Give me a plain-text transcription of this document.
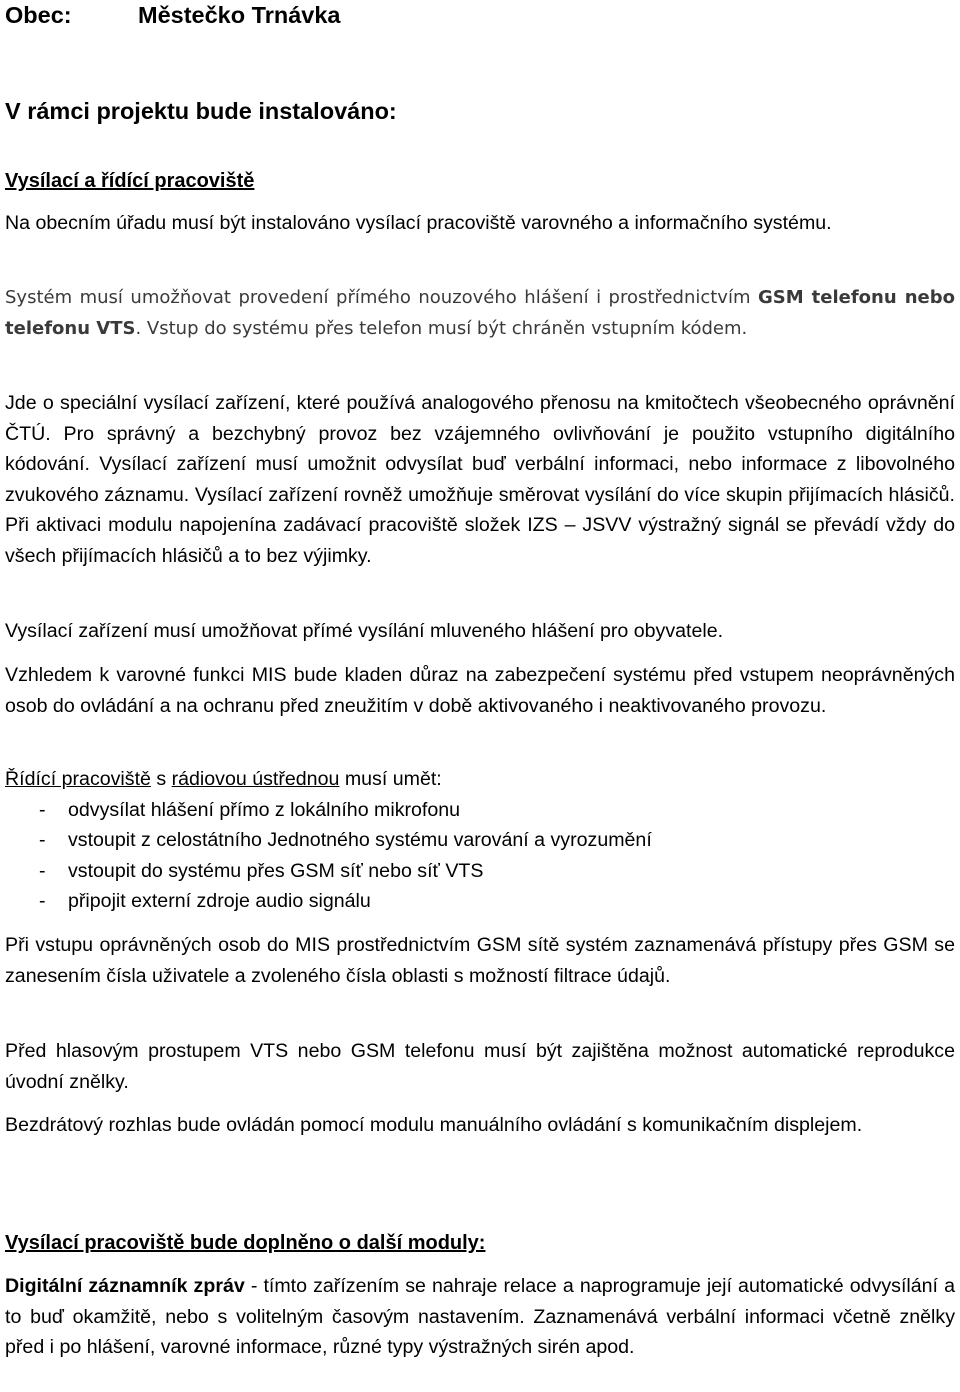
Obec:	Městečko Trnávka
V rámci projektu bude instalováno:
Vysílací a řídící pracoviště
Na obecním úřadu musí být instalováno vysílací pracoviště varovného a informačního systému.
Systém musí umožňovat provedení přímého nouzového hlášení i prostřednictvím GSM telefonu nebo telefonu VTS. Vstup do systému přes telefon musí být chráněn vstupním kódem.
Jde o speciální vysílací zařízení, které používá analogového přenosu na kmitočtech všeobecného oprávnění ČTÚ. Pro správný a bezchybný provoz bez vzájemného ovlivňování je použito vstupního digitálního kódování. Vysílací zařízení musí umožnit odvysílat buď verbální informaci, nebo informace z libovolného zvukového záznamu. Vysílací zařízení rovněž umožňuje směrovat vysílání do více skupin přijímacích hlásičů. Při aktivaci modulu napojenína zadávací pracoviště složek IZS – JSVV výstražný signál se převádí vždy do všech přijímacích hlásičů a to bez výjimky.
Vysílací zařízení musí umožňovat přímé vysílání mluveného hlášení pro obyvatele.
Vzhledem k varovné funkci MIS bude kladen důraz na zabezpečení systému před vstupem neoprávněných osob do ovládání a na ochranu před zneužitím v době aktivovaného i neaktivovaného provozu.
Řídící pracoviště s rádiovou ústřednou musí umět:
- odvysílat hlášení přímo z lokálního mikrofonu
- vstoupit z celostátního Jednotného systému varování a vyrozumění
- vstoupit do systému přes GSM síť nebo síť VTS
- připojit externí zdroje audio signálu
Při vstupu oprávněných osob do MIS prostřednictvím GSM sítě systém zaznamenává přístupy přes GSM se zanesením čísla uživatele a zvoleného čísla oblasti s možností filtrace údajů.
Před hlasovým prostupem VTS nebo GSM telefonu musí být zajištěna možnost automatické reprodukce úvodní znělky.
Bezdrátový rozhlas bude ovládán pomocí modulu manuálního ovládání s komunikačním displejem.
Vysílací pracoviště bude doplněno o další moduly:
Digitální záznamník zpráv - tímto zařízením se nahraje relace a naprogramuje její automatické odvysílání a to buď okamžitě, nebo s volitelným časovým nastavením. Zaznamenává verbální informaci včetně znělky před i po hlášení, varovné informace, různé typy výstražných sirén apod.
